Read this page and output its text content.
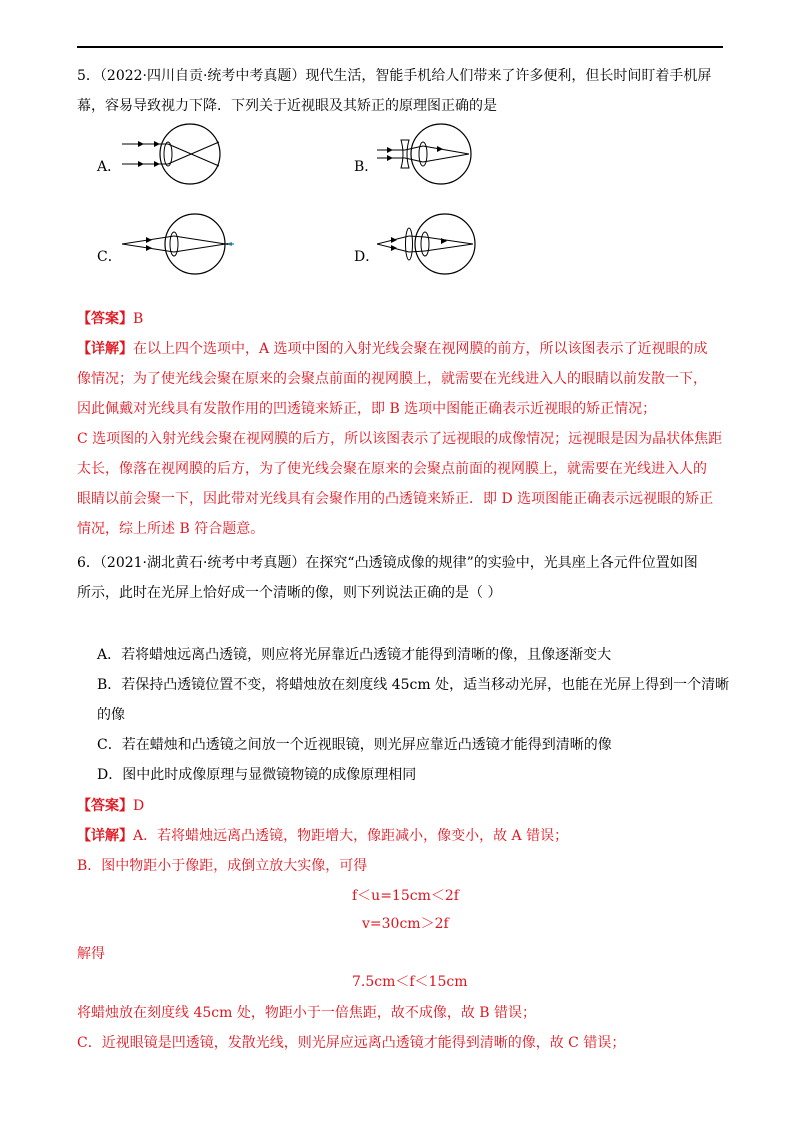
5．（2022·四川自贡·统考中考真题）现代生活，智能手机给人们带来了许多便利，但长时间盯着手机屏
幕，容易导致视力下降．下列关于近视眼及其矫正的原理图正确的是
A．	B．
C．	D．
【答案】B
【详解】在以上四个选项中，A 选项中图的入射光线会聚在视网膜的前方，所以该图表示了近视眼的成
像情况；为了使光线会聚在原来的会聚点前面的视网膜上，就需要在光线进入人的眼睛以前发散一下，
因此佩戴对光线具有发散作用的凹透镜来矫正，即 B 选项中图能正确表示近视眼的矫正情况；
C 选项图的入射光线会聚在视网膜的后方，所以该图表示了远视眼的成像情况；远视眼是因为晶状体焦距
太长，像落在视网膜的后方，为了使光线会聚在原来的会聚点前面的视网膜上，就需要在光线进入人的
眼睛以前会聚一下，因此带对光线具有会聚作用的凸透镜来矫正．即 D 选项图能正确表示远视眼的矫正
情况，综上所述 B 符合题意。
6．（2021·湖北黄石·统考中考真题）在探究“凸透镜成像的规律”的实验中，光具座上各元件位置如图
所示，此时在光屏上恰好成一个清晰的像，则下列说法正确的是（ ）
A．若将蜡烛远离凸透镜，则应将光屏靠近凸透镜才能得到清晰的像，且像逐渐变大
B．若保持凸透镜位置不变，将蜡烛放在刻度线 45cm 处，适当移动光屏，也能在光屏上得到一个清晰
的像
C．若在蜡烛和凸透镜之间放一个近视眼镜，则光屏应靠近凸透镜才能得到清晰的像
D．图中此时成像原理与显微镜物镜的成像原理相同
【答案】D
【详解】A．若将蜡烛远离凸透镜，物距增大，像距减小，像变小，故 A 错误；
B．图中物距小于像距，成倒立放大实像，可得
f＜u=15cm＜2f
v=30cm＞2f
解得
7.5cm＜f＜15cm
将蜡烛放在刻度线 45cm 处，物距小于一倍焦距，故不成像，故 B 错误；
C．近视眼镜是凹透镜，发散光线，则光屏应远离凸透镜才能得到清晰的像，故 C 错误；
